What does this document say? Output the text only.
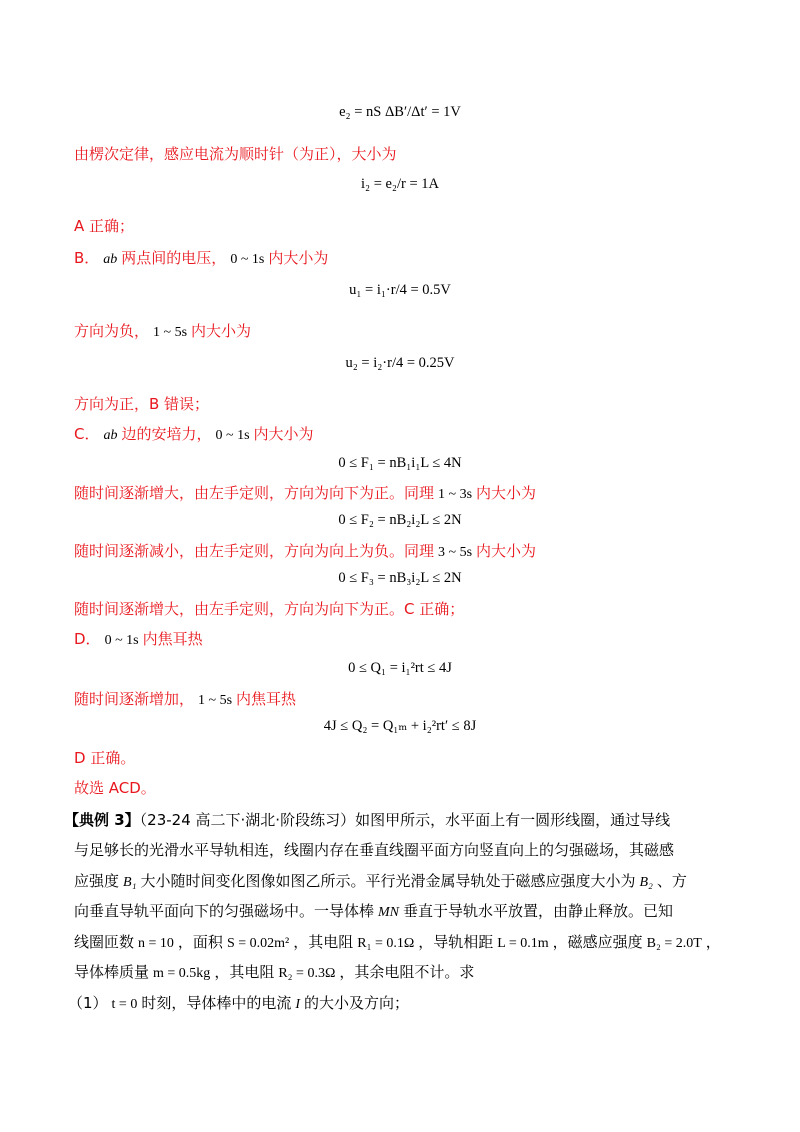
e₂ = nS ΔB′/Δt′ = 1V
由楞次定律，感应电流为顺时针（为正），大小为
i₂ = e₂/r = 1A
A 正确；
B． ab 两点间的电压， 0 ~ 1s 内大小为
u₁ = i₁·r/4 = 0.5V
方向为负， 1 ~ 5s 内大小为
u₂ = i₂·r/4 = 0.25V
方向为正，B 错误；
C． ab 边的安培力， 0 ~ 1s 内大小为
0 ≤ F₁ = nB₁i₁L ≤ 4N
随时间逐渐增大，由左手定则，方向为向下为正。同理 1 ~ 3s 内大小为
0 ≤ F₂ = nB₂i₂L ≤ 2N
随时间逐渐减小，由左手定则，方向为向上为负。同理 3 ~ 5s 内大小为
0 ≤ F₃ = nB₃i₂L ≤ 2N
随时间逐渐增大，由左手定则，方向为向下为正。C 正确；
D． 0 ~ 1s 内焦耳热
0 ≤ Q₁ = i₁²rt ≤ 4J
随时间逐渐增加， 1 ~ 5s 内焦耳热
4J ≤ Q₂ = Q₁ₘ + i₂²rt′ ≤ 8J
D 正确。
故选 ACD。
【典例 3】（23-24 高二下·湖北·阶段练习）如图甲所示，水平面上有一圆形线圈，通过导线
与足够长的光滑水平导轨相连，线圈内存在垂直线圈平面方向竖直向上的匀强磁场，其磁感
应强度 B₁ 大小随时间变化图像如图乙所示。平行光滑金属导轨处于磁感应强度大小为 B₂ 、方
向垂直导轨平面向下的匀强磁场中。一导体棒 MN 垂直于导轨水平放置，由静止释放。已知
线圈匝数 n = 10 ，面积 S = 0.02m² ，其电阻 R₁ = 0.1Ω ，导轨相距 L = 0.1m ，磁感应强度 B₂ = 2.0T ，
导体棒质量 m = 0.5kg ，其电阻 R₂ = 0.3Ω ，其余电阻不计。求
（1） t = 0 时刻，导体棒中的电流 I 的大小及方向；
